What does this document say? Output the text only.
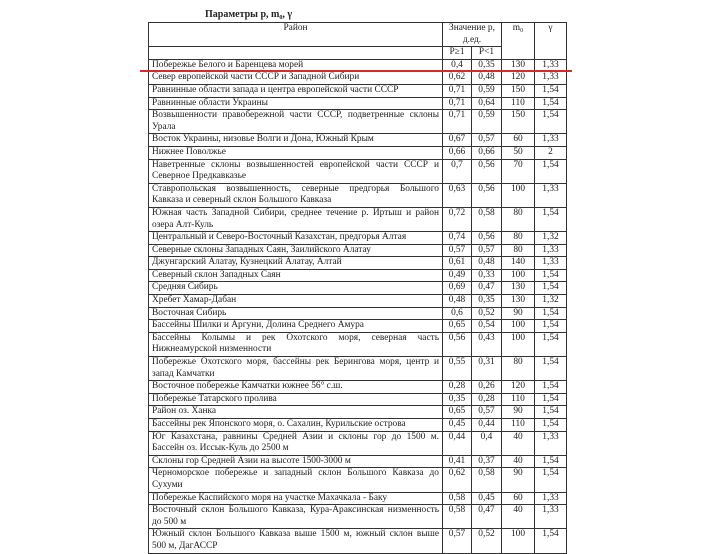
Параметры p, m₀, γ
Район	Значение p, д.ед.		m₀	γ
	P≥1	P<1		
Побережье Белого и Баренцева морей	0,4	0,35	130	1,33
Север европейской части СССР и Западной Сибири	0,62	0,48	120	1,33
Равнинные области запада и центра европейской части СССР	0,71	0,59	150	1,54
Равнинные области Украины	0,71	0,64	110	1,54
Возвышенности правобережной части СССР, подветренные склоны Урала	0,71	0,59	150	1,54
Восток Украины, низовье Волги и Дона, Южный Крым	0,67	0,57	60	1,33
Нижнее Поволжье	0,66	0,66	50	2
Наветренные склоны возвышенностей европейской части СССР и Северное Предкавказье	0,7	0,56	70	1,54
Ставропольская возвышенность, северные предгорья Большого Кавказа и северный склон Большого Кавказа	0,63	0,56	100	1,33
Южная часть Западной Сибири, среднее течение р. Иртыш и район озера Алт-Куль	0,72	0,58	80	1,54
Центральный и Северо-Восточный Казахстан, предгорья Алтая	0,74	0,56	80	1,32
Северные склоны Западных Саян, Заилийского Алатау	0,57	0,57	80	1,33
Джунгарский Алатау, Кузнецкий Алатау, Алтай	0,61	0,48	140	1,33
Северный склон Западных Саян	0,49	0,33	100	1,54
Средняя Сибирь	0,69	0,47	130	1,54
Хребет Хамар-Дабан	0,48	0,35	130	1,32
Восточная Сибирь	0,6	0,52	90	1,54
Бассейны Шилки и Аргуни, Долина Среднего Амура	0,65	0,54	100	1,54
Бассейны Колымы и рек Охотского моря, северная часть Нижнеамурской низменности	0,56	0,43	100	1,54
Побережье Охотского моря, бассейны рек Берингова моря, центр и запад Камчатки	0,55	0,31	80	1,54
Восточное побережье Камчатки южнее 56° с.ш.	0,28	0,26	120	1,54
Побережье Татарского пролива	0,35	0,28	110	1,54
Район оз. Ханка	0,65	0,57	90	1,54
Бассейны рек Японского моря, о. Сахалин, Курильские острова	0,45	0,44	110	1,54
Юг Казахстана, равнины Средней Азии и склоны гор до 1500 м. Бассейн оз. Иссык-Куль до 2500 м	0,44	0,4	40	1,33
Склоны гор Средней Азии на высоте 1500-3000 м	0,41	0,37	40	1,54
Черноморское побережье и западный склон Большого Кавказа до Сухуми	0,62	0,58	90	1,54
Побережье Каспийского моря на участке Махачкала - Баку	0,58	0,45	60	1,33
Восточный склон Большого Кавказа, Кура-Араксинская низменность до 500 м	0,58	0,47	40	1,33
Южный склон Большого Кавказа выше 1500 м, южный склон выше 500 м, ДагАССР	0,57	0,52	100	1,54
